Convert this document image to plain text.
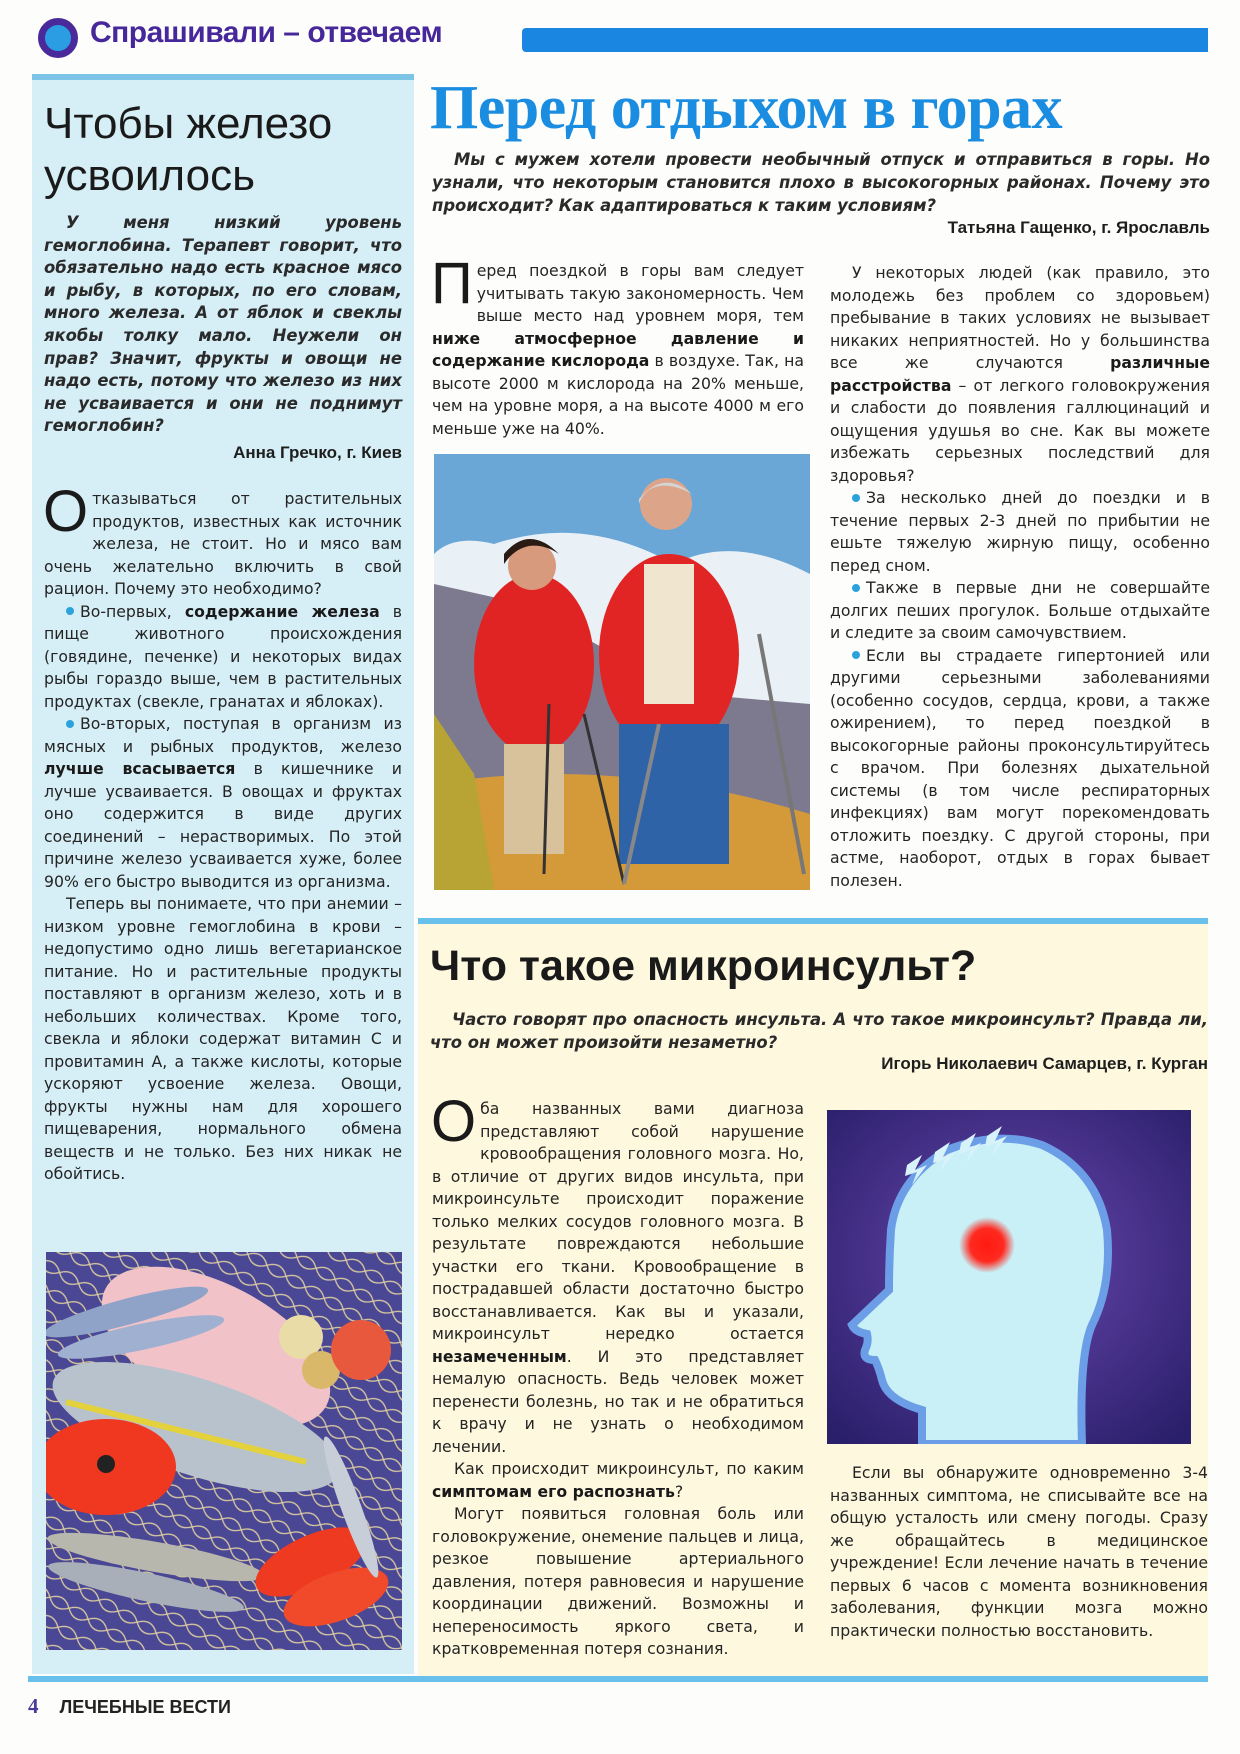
Спрашивали – отвечаем
Чтобы железо усвоилось

У меня низкий уровень гемоглобина. Терапевт говорит, что обязательно надо есть красное мясо и рыбу, в которых, по его словам, много железа. А от яблок и свеклы якобы толку мало. Неужели он прав? Значит, фрукты и овощи не надо есть, потому что железо из них не усваивается и они не поднимут гемоглобин?

Анна Гречко, г. Киев

Отказываться от растительных продуктов, известных как источник железа, не стоит. Но и мясо вам очень желательно включить в свой рацион. Почему это необходимо?

Во-первых, содержание железа в пище животного происхождения (говядине, печенке) и некоторых видах рыбы гораздо выше, чем в растительных продуктах (свекле, гранатах и яблоках).

Во-вторых, поступая в организм из мясных и рыбных продуктов, железо лучше всасывается в кишечнике и лучше усваивается. В овощах и фруктах оно содержится в виде других соединений – нерастворимых. По этой причине железо усваивается хуже, более 90% его быстро выводится из организма.

Теперь вы понимаете, что при анемии – низком уровне гемоглобина в крови – недопустимо одно лишь вегетарианское питание. Но и растительные продукты поставляют в организм железо, хоть и в небольших количествах. Кроме того, свекла и яблоки содержат витамин С и провитамин А, а также кислоты, которые ускоряют усвоение железа. Овощи, фрукты нужны нам для хорошего пищеварения, нормального обмена веществ и не только. Без них никак не обойтись.

Перед отдыхом в горах

Мы с мужем хотели провести необычный отпуск и отправиться в горы. Но узнали, что некоторым становится плохо в высокогорных районах. Почему это происходит? Как адаптироваться к таким условиям?

Татьяна Гащенко, г. Ярославль

Перед поездкой в горы вам следует учитывать такую закономерность. Чем выше место над уровнем моря, тем ниже атмосферное давление и содержание кислорода в воздухе. Так, на высоте 2000 м кислорода на 20% меньше, чем на уровне моря, а на высоте 4000 м его меньше уже на 40%.

У некоторых людей (как правило, это молодежь без проблем со здоровьем) пребывание в таких условиях не вызывает никаких неприятностей. Но у большинства все же случаются	различные расстройства – от легкого головокружения и слабости до появления галлюцинаций и ощущения удушья во сне. Как вы можете избежать серьезных последствий для здоровья?

За несколько дней до поездки и в течение первых 2-3 дней по прибытии не ешьте тяжелую жирную пищу, особенно перед сном.

Также в первые дни не совершайте долгих пеших прогулок. Больше отдыхайте и следите за своим самочувствием.

Если вы страдаете гипертонией или другими серьезными заболеваниями (особенно сосудов, сердца, крови, а также ожирением), то перед поездкой в высокогорные районы проконсультируйтесь с врачом. При болезнях дыхательной системы (в том числе респираторных инфекциях) вам могут порекомендовать отложить поездку. С другой стороны, при астме, наоборот, отдых в горах бывает полезен.

Что такое микроинсульт?

Часто говорят про опасность инсульта. А что такое микроинсульт? Правда ли, что он может произойти незаметно?

Игорь Николаевич Самарцев, г. Курган

Оба названных вами диагноза представляют собой нарушение кровообращения головного мозга. Но, в отличие от других видов инсульта, при микроинсульте происходит поражение только мелких сосудов головного мозга. В результате повреждаются небольшие участки его ткани. Кровообращение в пострадавшей области достаточно быстро восстанавливается. Как вы и указали, микроинсульт нередко остается незамеченным. И это представляет немалую опасность. Ведь человек может перенести болезнь, но так и не обратиться к врачу и не узнать о необходимом лечении.

Как происходит микроинсульт, по каким симптомам его распознать?

Могут появиться головная боль или головокружение, онемение пальцев и лица, резкое повышение артериального давления, потеря равновесия и нарушение координации движений. Возможны и непереносимость яркого света, и кратковременная потеря сознания.

Если вы обнаружите одновременно 3-4 названных симптома, не списывайте все на общую усталость или смену погоды. Сразу же обращайтесь в медицинское учреждение! Если лечение начать в течение первых 6 часов с момента возникновения заболевания, функции мозга можно практически полностью восстановить.

4 ЛЕЧЕБНЫЕ ВЕСТИ
